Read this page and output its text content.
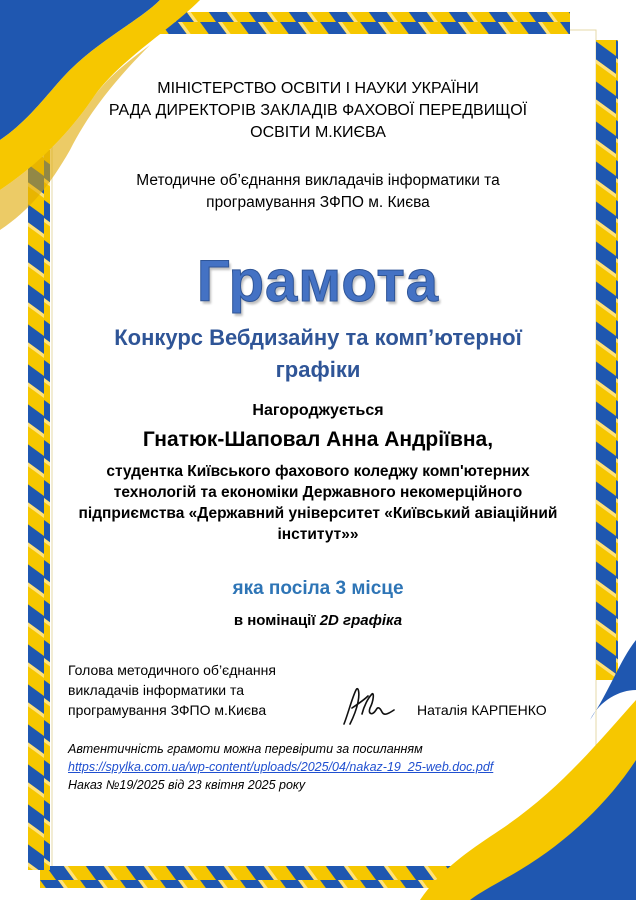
МІНІСТЕРСТВО ОСВІТИ І НАУКИ УКРАЇНИ
РАДА ДИРЕКТОРІВ ЗАКЛАДІВ ФАХОВОЇ ПЕРЕДВИЩОЇ
ОСВІТИ М.КИЄВА
Методичне об’єднання викладачів інформатики та
програмування ЗФПО м. Києва
Грамота
Конкурс Вебдизайну та комп’ютерної
графіки
Нагороджується
Гнатюк-Шаповал Анна Андріївна,
студентка Київського фахового коледжу комп'ютерних
технологій та економіки Державного некомерційного
підприємства «Державний університет «Київський авіаційний
інститут»»
яка посіла 3 місце
в номінації 2D графіка
Голова методичного об’єднання
викладачів інформатики та
програмування ЗФПО м.Києва	Наталія КАРПЕНКО
Автентичність грамоти можна перевірити за посиланням
https://spylka.com.ua/wp-content/uploads/2025/04/nakaz-19_25-web.doc.pdf
Наказ №19/2025 від 23 квітня 2025 року
